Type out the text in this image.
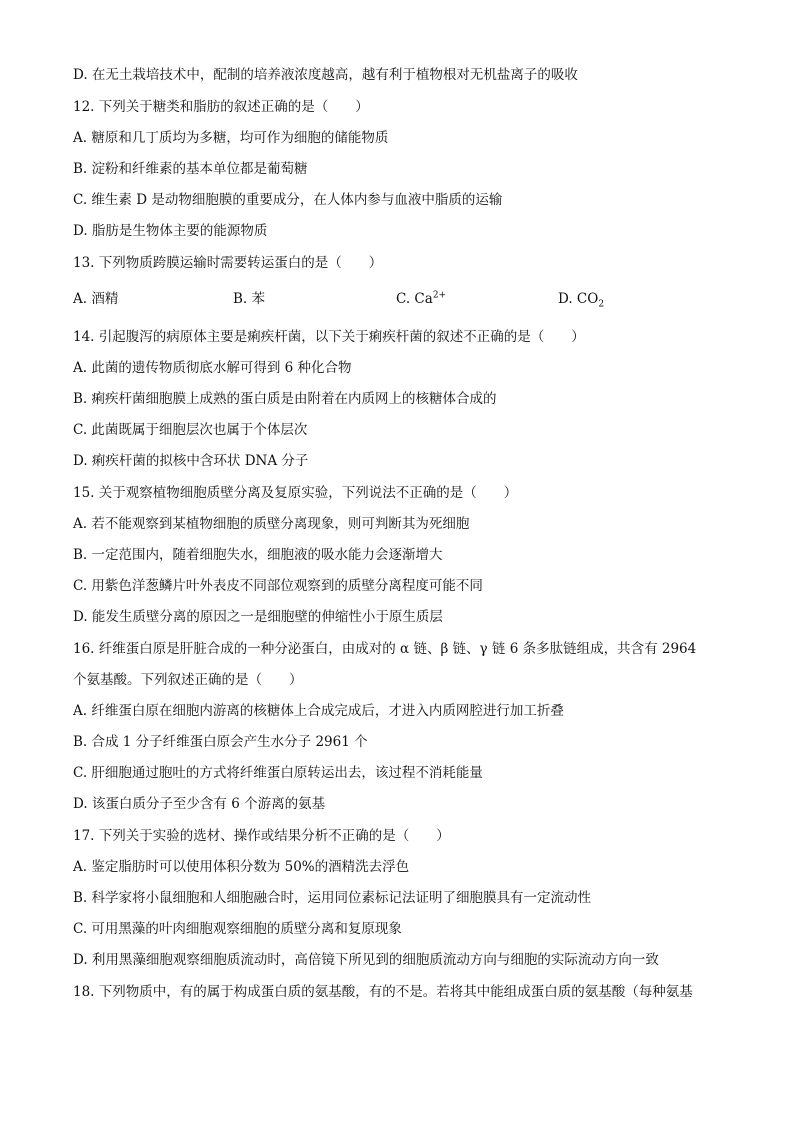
D. 在无土栽培技术中，配制的培养液浓度越高，越有利于植物根对无机盐离子的吸收
12. 下列关于糖类和脂肪的叙述正确的是（　　）
A. 糖原和几丁质均为多糖，均可作为细胞的储能物质
B. 淀粉和纤维素的基本单位都是葡萄糖
C. 维生素 D 是动物细胞膜的重要成分，在人体内参与血液中脂质的运输
D. 脂肪是生物体主要的能源物质
13. 下列物质跨膜运输时需要转运蛋白的是（　　）
A. 酒精	B. 苯	C. $Ca^{2+}$	D. $CO_2$
14. 引起腹泻的病原体主要是痢疾杆菌，以下关于痢疾杆菌的叙述不正确的是（　　）
A. 此菌的遗传物质彻底水解可得到 6 种化合物
B. 痢疾杆菌细胞膜上成熟的蛋白质是由附着在内质网上的核糖体合成的
C. 此菌既属于细胞层次也属于个体层次
D. 痢疾杆菌的拟核中含环状 DNA 分子
15. 关于观察植物细胞质壁分离及复原实验，下列说法不正确的是（　　）
A. 若不能观察到某植物细胞的质壁分离现象，则可判断其为死细胞
B. 一定范围内，随着细胞失水，细胞液的吸水能力会逐渐增大
C. 用紫色洋葱鳞片叶外表皮不同部位观察到的质壁分离程度可能不同
D. 能发生质壁分离的原因之一是细胞壁的伸缩性小于原生质层
16. 纤维蛋白原是肝脏合成的一种分泌蛋白，由成对的 α 链、β 链、γ 链 6 条多肽链组成，共含有 2964
个氨基酸。下列叙述正确的是（　　）
A. 纤维蛋白原在细胞内游离的核糖体上合成完成后，才进入内质网腔进行加工折叠
B. 合成 1 分子纤维蛋白原会产生水分子 2961 个
C. 肝细胞通过胞吐的方式将纤维蛋白原转运出去，该过程不消耗能量
D. 该蛋白质分子至少含有 6 个游离的氨基
17. 下列关于实验的选材、操作或结果分析不正确的是（　　）
A. 鉴定脂肪时可以使用体积分数为 50%的酒精洗去浮色
B. 科学家将小鼠细胞和人细胞融合时，运用同位素标记法证明了细胞膜具有一定流动性
C. 可用黑藻的叶肉细胞观察细胞的质壁分离和复原现象
D. 利用黑藻细胞观察细胞质流动时，高倍镜下所见到的细胞质流动方向与细胞的实际流动方向一致
18. 下列物质中，有的属于构成蛋白质的氨基酸，有的不是。若将其中能组成蛋白质的氨基酸（每种氨基
